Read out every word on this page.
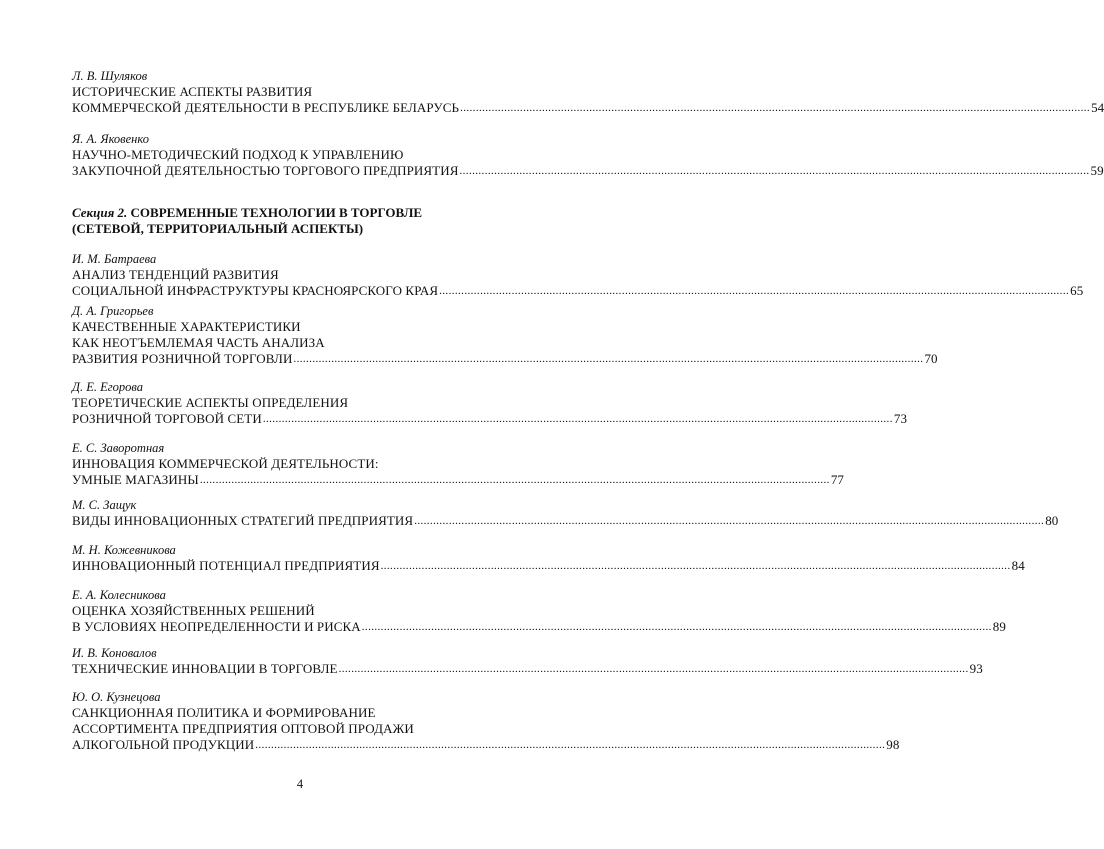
Л. В. Шуляков
ИСТОРИЧЕСКИЕ АСПЕКТЫ РАЗВИТИЯ
КОММЕРЧЕСКОЙ ДЕЯТЕЛЬНОСТИ В РЕСПУБЛИКЕ БЕЛАРУСЬ ........................................................................................................................................................................................................ 54
Я. А. Яковенко
НАУЧНО-МЕТОДИЧЕСКИЙ ПОДХОД К УПРАВЛЕНИЮ
ЗАКУПОЧНОЙ ДЕЯТЕЛЬНОСТЬЮ ТОРГОВОГО ПРЕДПРИЯТИЯ ........................................................................................................................................................................................................ 59
Секция 2. СОВРЕМЕННЫЕ ТЕХНОЛОГИИ В ТОРГОВЛЕ
(СЕТЕВОЙ, ТЕРРИТОРИАЛЬНЫЙ АСПЕКТЫ)
И. М. Батраева
АНАЛИЗ ТЕНДЕНЦИЙ РАЗВИТИЯ
СОЦИАЛЬНОЙ ИНФРАСТРУКТУРЫ КРАСНОЯРСКОГО КРАЯ ........................................................................................................................................................................................................ 65
Д. А. Григорьев
КАЧЕСТВЕННЫЕ ХАРАКТЕРИСТИКИ
КАК НЕОТЪЕМЛЕМАЯ ЧАСТЬ АНАЛИЗА
РАЗВИТИЯ РОЗНИЧНОЙ ТОРГОВЛИ ........................................................................................................................................................................................................ 70
Д. Е. Егорова
ТЕОРЕТИЧЕСКИЕ АСПЕКТЫ ОПРЕДЕЛЕНИЯ
РОЗНИЧНОЙ ТОРГОВОЙ СЕТИ ........................................................................................................................................................................................................ 73
Е. С. Заворотная
ИННОВАЦИЯ КОММЕРЧЕСКОЙ ДЕЯТЕЛЬНОСТИ:
УМНЫЕ МАГАЗИНЫ ........................................................................................................................................................................................................ 77
М. С. Защук
ВИДЫ ИННОВАЦИОННЫХ СТРАТЕГИЙ ПРЕДПРИЯТИЯ ........................................................................................................................................................................................................ 80
М. Н. Кожевникова
ИННОВАЦИОННЫЙ ПОТЕНЦИАЛ ПРЕДПРИЯТИЯ ........................................................................................................................................................................................................ 84
Е. А. Колесникова
ОЦЕНКА ХОЗЯЙСТВЕННЫХ РЕШЕНИЙ
В УСЛОВИЯХ НЕОПРЕДЕЛЕННОСТИ И РИСКА ........................................................................................................................................................................................................ 89
И. В. Коновалов
ТЕХНИЧЕСКИЕ ИННОВАЦИИ В ТОРГОВЛЕ ........................................................................................................................................................................................................ 93
Ю. О. Кузнецова
САНКЦИОННАЯ ПОЛИТИКА И ФОРМИРОВАНИЕ
АССОРТИМЕНТА ПРЕДПРИЯТИЯ ОПТОВОЙ ПРОДАЖИ
АЛКОГОЛЬНОЙ ПРОДУКЦИИ ........................................................................................................................................................................................................ 98
4
